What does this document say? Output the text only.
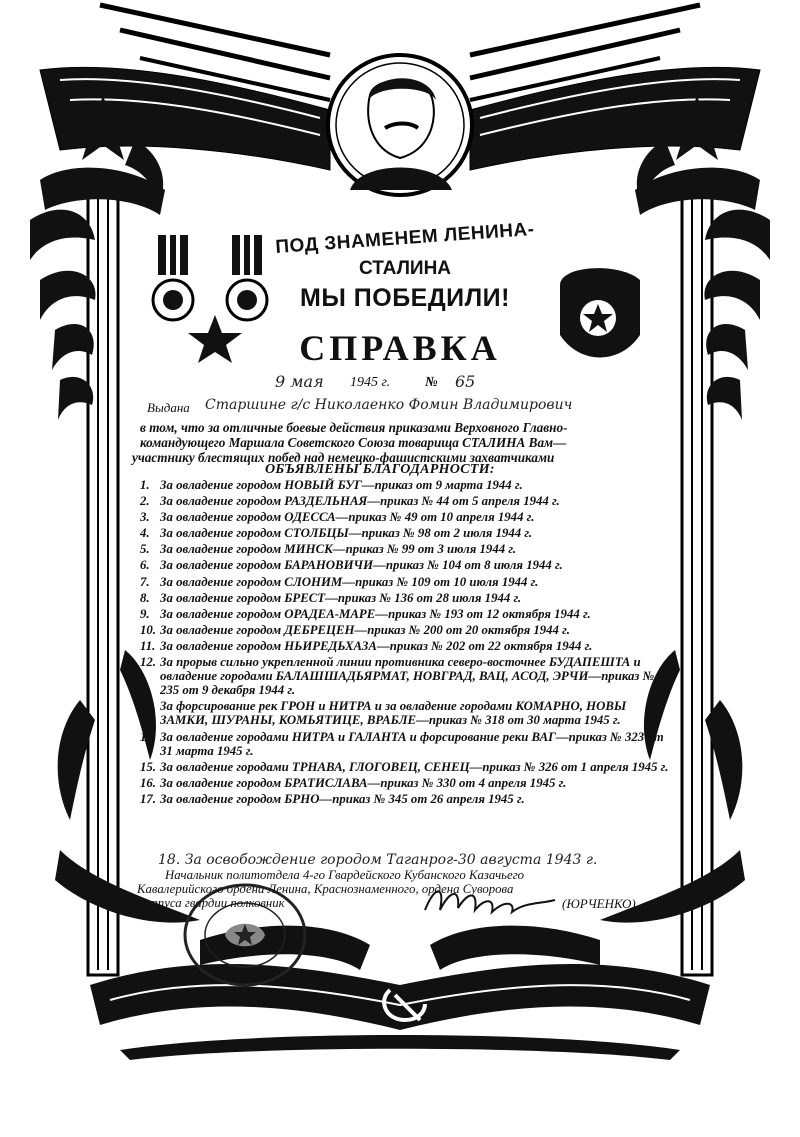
ПОД ЗНАМЕНЕМ ЛЕНИНА-
СТАЛИНА
МЫ ПОБЕДИЛИ!
СПРАВКА
9 мая 1945 г. № 65
Выдана Старшине г/с Николаенко Фомин Владимирович
в том, что за отличные боевые действия приказами Верховного Главно-
командующего Маршала Советского Союза товарища СТАЛИНА Вам—
участнику блестящих побед над немецко-фашистскими захватчиками
ОБЪЯВЛЕНЫ БЛАГОДАРНОСТИ:
1. За овладение городом НОВЫЙ БУГ—приказ от 9 марта 1944 г.
2. За овладение городом РАЗДЕЛЬНАЯ—приказ № 44 от 5 апреля 1944 г.
3. За овладение городом ОДЕССА—приказ № 49 от 10 апреля 1944 г.
4. За овладение городом СТОЛБЦЫ—приказ № 98 от 2 июля 1944 г.
5. За овладение городом МИНСК—приказ № 99 от 3 июля 1944 г.
6. За овладение городом БАРАНОВИЧИ—приказ № 104 от 8 июля 1944 г.
7. За овладение городом СЛОНИМ—приказ № 109 от 10 июля 1944 г.
8. За овладение городом БРЕСТ—приказ № 136 от 28 июля 1944 г.
9. За овладение городом ОРАДЕА-МАРЕ—приказ № 193 от 12 октября 1944 г.
10. За овладение городом ДЕБРЕЦЕН—приказ № 200 от 20 октября 1944 г.
11. За овладение городом НЬИРЕДЬХАЗА—приказ № 202 от 22 октября 1944 г.
12. За прорыв сильно укрепленной линии противника северо-восточнее БУДАПЕШТА и овладение городами БАЛАШШАДЬЯРМАТ, НОВГРАД, ВАЦ, АСОД, ЭРЧИ—приказ № 235 от 9 декабря 1944 г.
13. За форсирование рек ГРОН и НИТРА и за овладение городами КОМАРНО, НОВЫ ЗАМКИ, ШУРАНЫ, КОМЬЯТИЦЕ, ВРАБЛЕ—приказ № 318 от 30 марта 1945 г.
14. За овладение городами НИТРА и ГАЛАНТА и форсирование реки ВАГ—приказ № 323 от 31 марта 1945 г.
15. За овладение городами ТРНАВА, ГЛОГОВЕЦ, СЕНЕЦ—приказ № 326 от 1 апреля 1945 г.
16. За овладение городом БРАТИСЛАВА—приказ № 330 от 4 апреля 1945 г.
17. За овладение городом БРНО—приказ № 345 от 26 апреля 1945 г.
18. За освобождение городом Таганрог-30 августа 1943 г.
Начальник политотдела 4-го Гвардейского Кубанского Казачьего
Кавалерийского ордена Ленина, Краснознаменного, ордена Суворова
Корпуса гвардии полковник	(ЮРЧЕНКО)
